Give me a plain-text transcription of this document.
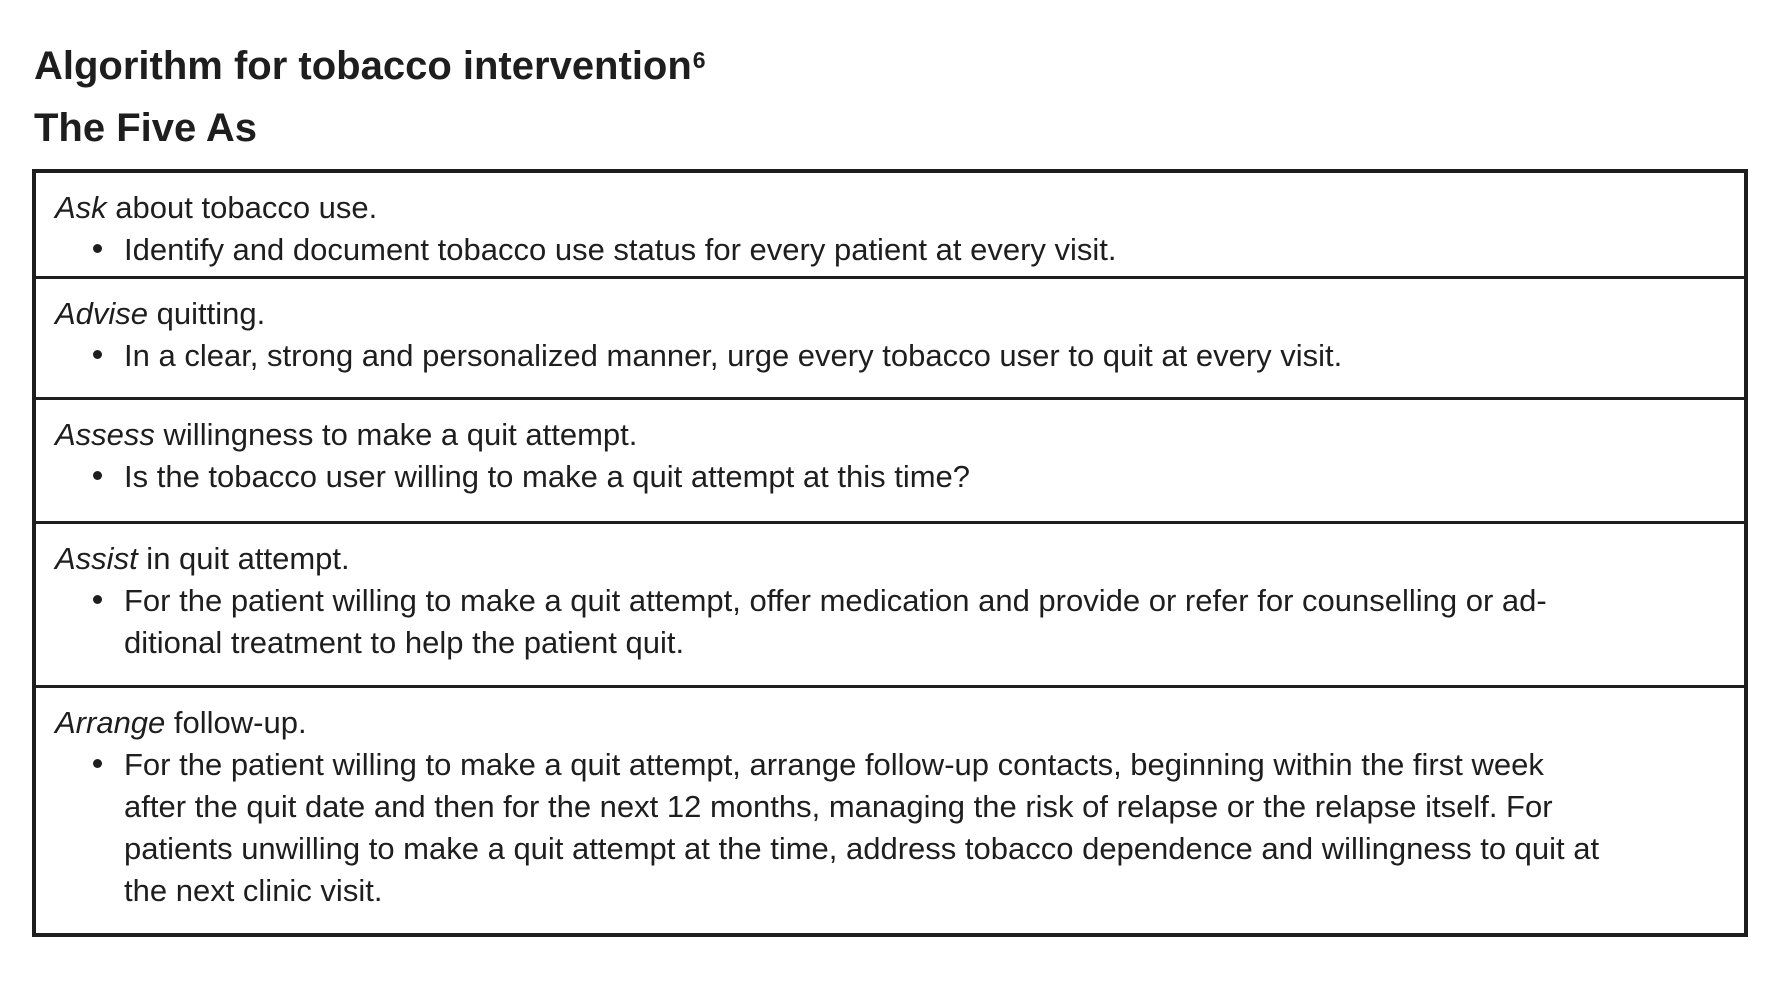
Algorithm for tobacco intervention$^6$
The Five As
Ask about tobacco use.
Identify and document tobacco use status for every patient at every visit.
Advise quitting.
In a clear, strong and personalized manner, urge every tobacco user to quit at every visit.
Assess willingness to make a quit attempt.
Is the tobacco user willing to make a quit attempt at this time?
Assist in quit attempt.
For the patient willing to make a quit attempt, offer medication and provide or refer for counselling or ad-
ditional treatment to help the patient quit.
Arrange follow-up.
For the patient willing to make a quit attempt, arrange follow-up contacts, beginning within the first week
after the quit date and then for the next 12 months, managing the risk of relapse or the relapse itself. For
patients unwilling to make a quit attempt at the time, address tobacco dependence and willingness to quit at
the next clinic visit.
